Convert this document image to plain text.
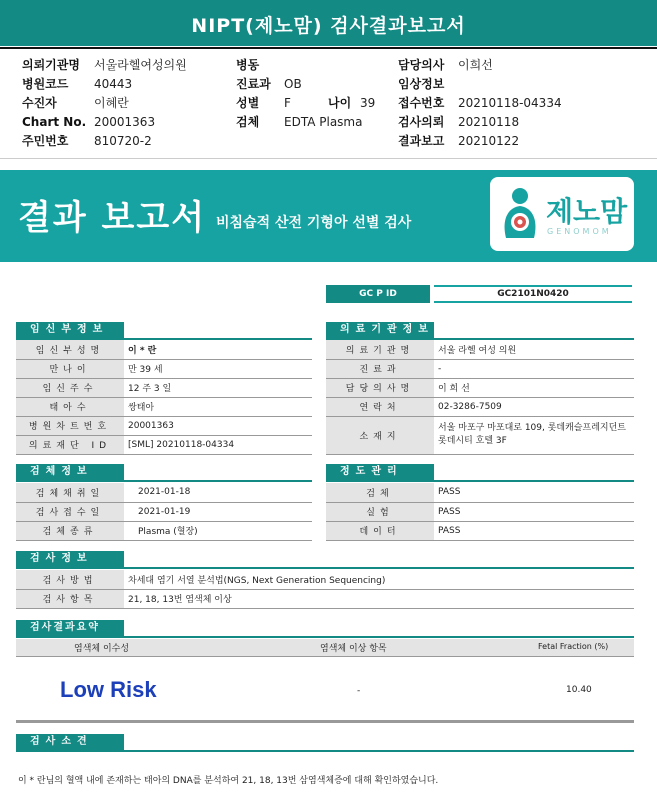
NIPT(제노맘) 검사결과보고서
의뢰기관명 서울라헬여성의원
병원코드 40443
수진자	이혜란
Chart No. 20001363
주민번호 810720-2
병동
진료과 OB
성별 F	나이 39
검체 EDTA Plasma
담당의사 이희선
임상정보
접수번호 20210118-04334
검사의뢰 20210118
결과보고 20210122
결과 보고서 비침습적 산전 기형아 선별 검사	제노맘
GENOMOM
GC P ID	GC2101N0420
임신부정보
임신부성명	이 * 란
만나이	만 39 세
임신주수	12 주 3 일
태아수	쌍태아
병원차트번호	20001363
의료재단 ID	[SML] 20210118-04334
의료기관정보
의료기관명	서울 라헬 여성 의원
진료과	-
담당의사명	이 희 선
연락처	02-3286-7509
소재지	서울 마포구 마포대로 109, 롯데캐슬프레지던트 롯데시티 호텔 3F
검체정보
검체채취일	2021-01-18
검사접수일	2021-01-19
검체종류	Plasma (혈장)
정도관리
검체	PASS
실험	PASS
데이터	PASS
검사정보
검사방법	차세대 염기 서열 분석법(NGS, Next Generation Sequencing)
검사항목	21, 18, 13번 염색체 이상
검사결과요약
염색체 이수성	염색체 이상 항목	Fetal Fraction (%)
Low Risk	-	10.40
검사소견
이 * 란님의 혈액 내에 존재하는 태아의 DNA를 분석하여 21, 18, 13번 삼염색체증에 대해 확인하였습니다.
